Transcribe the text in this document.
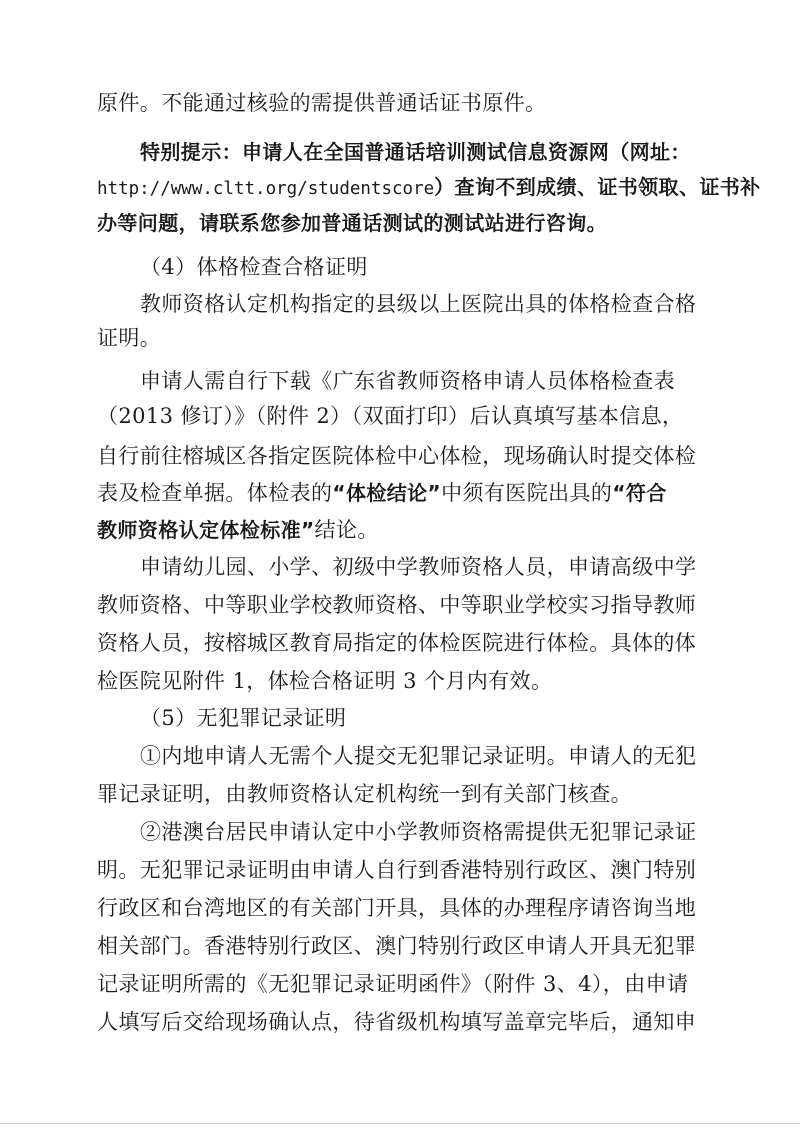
原件。不能通过核验的需提供普通话证书原件。
特别提示：申请人在全国普通话培训测试信息资源网（网址：
http://www.cltt.org/studentscore）查询不到成绩、证书领取、证书补
办等问题，请联系您参加普通话测试的测试站进行咨询。
（4）体格检查合格证明
教师资格认定机构指定的县级以上医院出具的体格检查合格
证明。
申请人需自行下载《广东省教师资格申请人员体格检查表
（2013 修订）》（附件 2）（双面打印）后认真填写基本信息，
自行前往榕城区各指定医院体检中心体检，现场确认时提交体检
表及检查单据。体检表的“体检结论”中须有医院出具的“符合
教师资格认定体检标准”结论。
申请幼儿园、小学、初级中学教师资格人员，申请高级中学
教师资格、中等职业学校教师资格、中等职业学校实习指导教师
资格人员，按榕城区教育局指定的体检医院进行体检。具体的体
检医院见附件 1，体检合格证明 3 个月内有效。
（5）无犯罪记录证明
①内地申请人无需个人提交无犯罪记录证明。申请人的无犯
罪记录证明，由教师资格认定机构统一到有关部门核查。
②港澳台居民申请认定中小学教师资格需提供无犯罪记录证
明。无犯罪记录证明由申请人自行到香港特别行政区、澳门特别
行政区和台湾地区的有关部门开具，具体的办理程序请咨询当地
相关部门。香港特别行政区、澳门特别行政区申请人开具无犯罪
记录证明所需的《无犯罪记录证明函件》（附件 3、4），由申请
人填写后交给现场确认点，待省级机构填写盖章完毕后，通知申
